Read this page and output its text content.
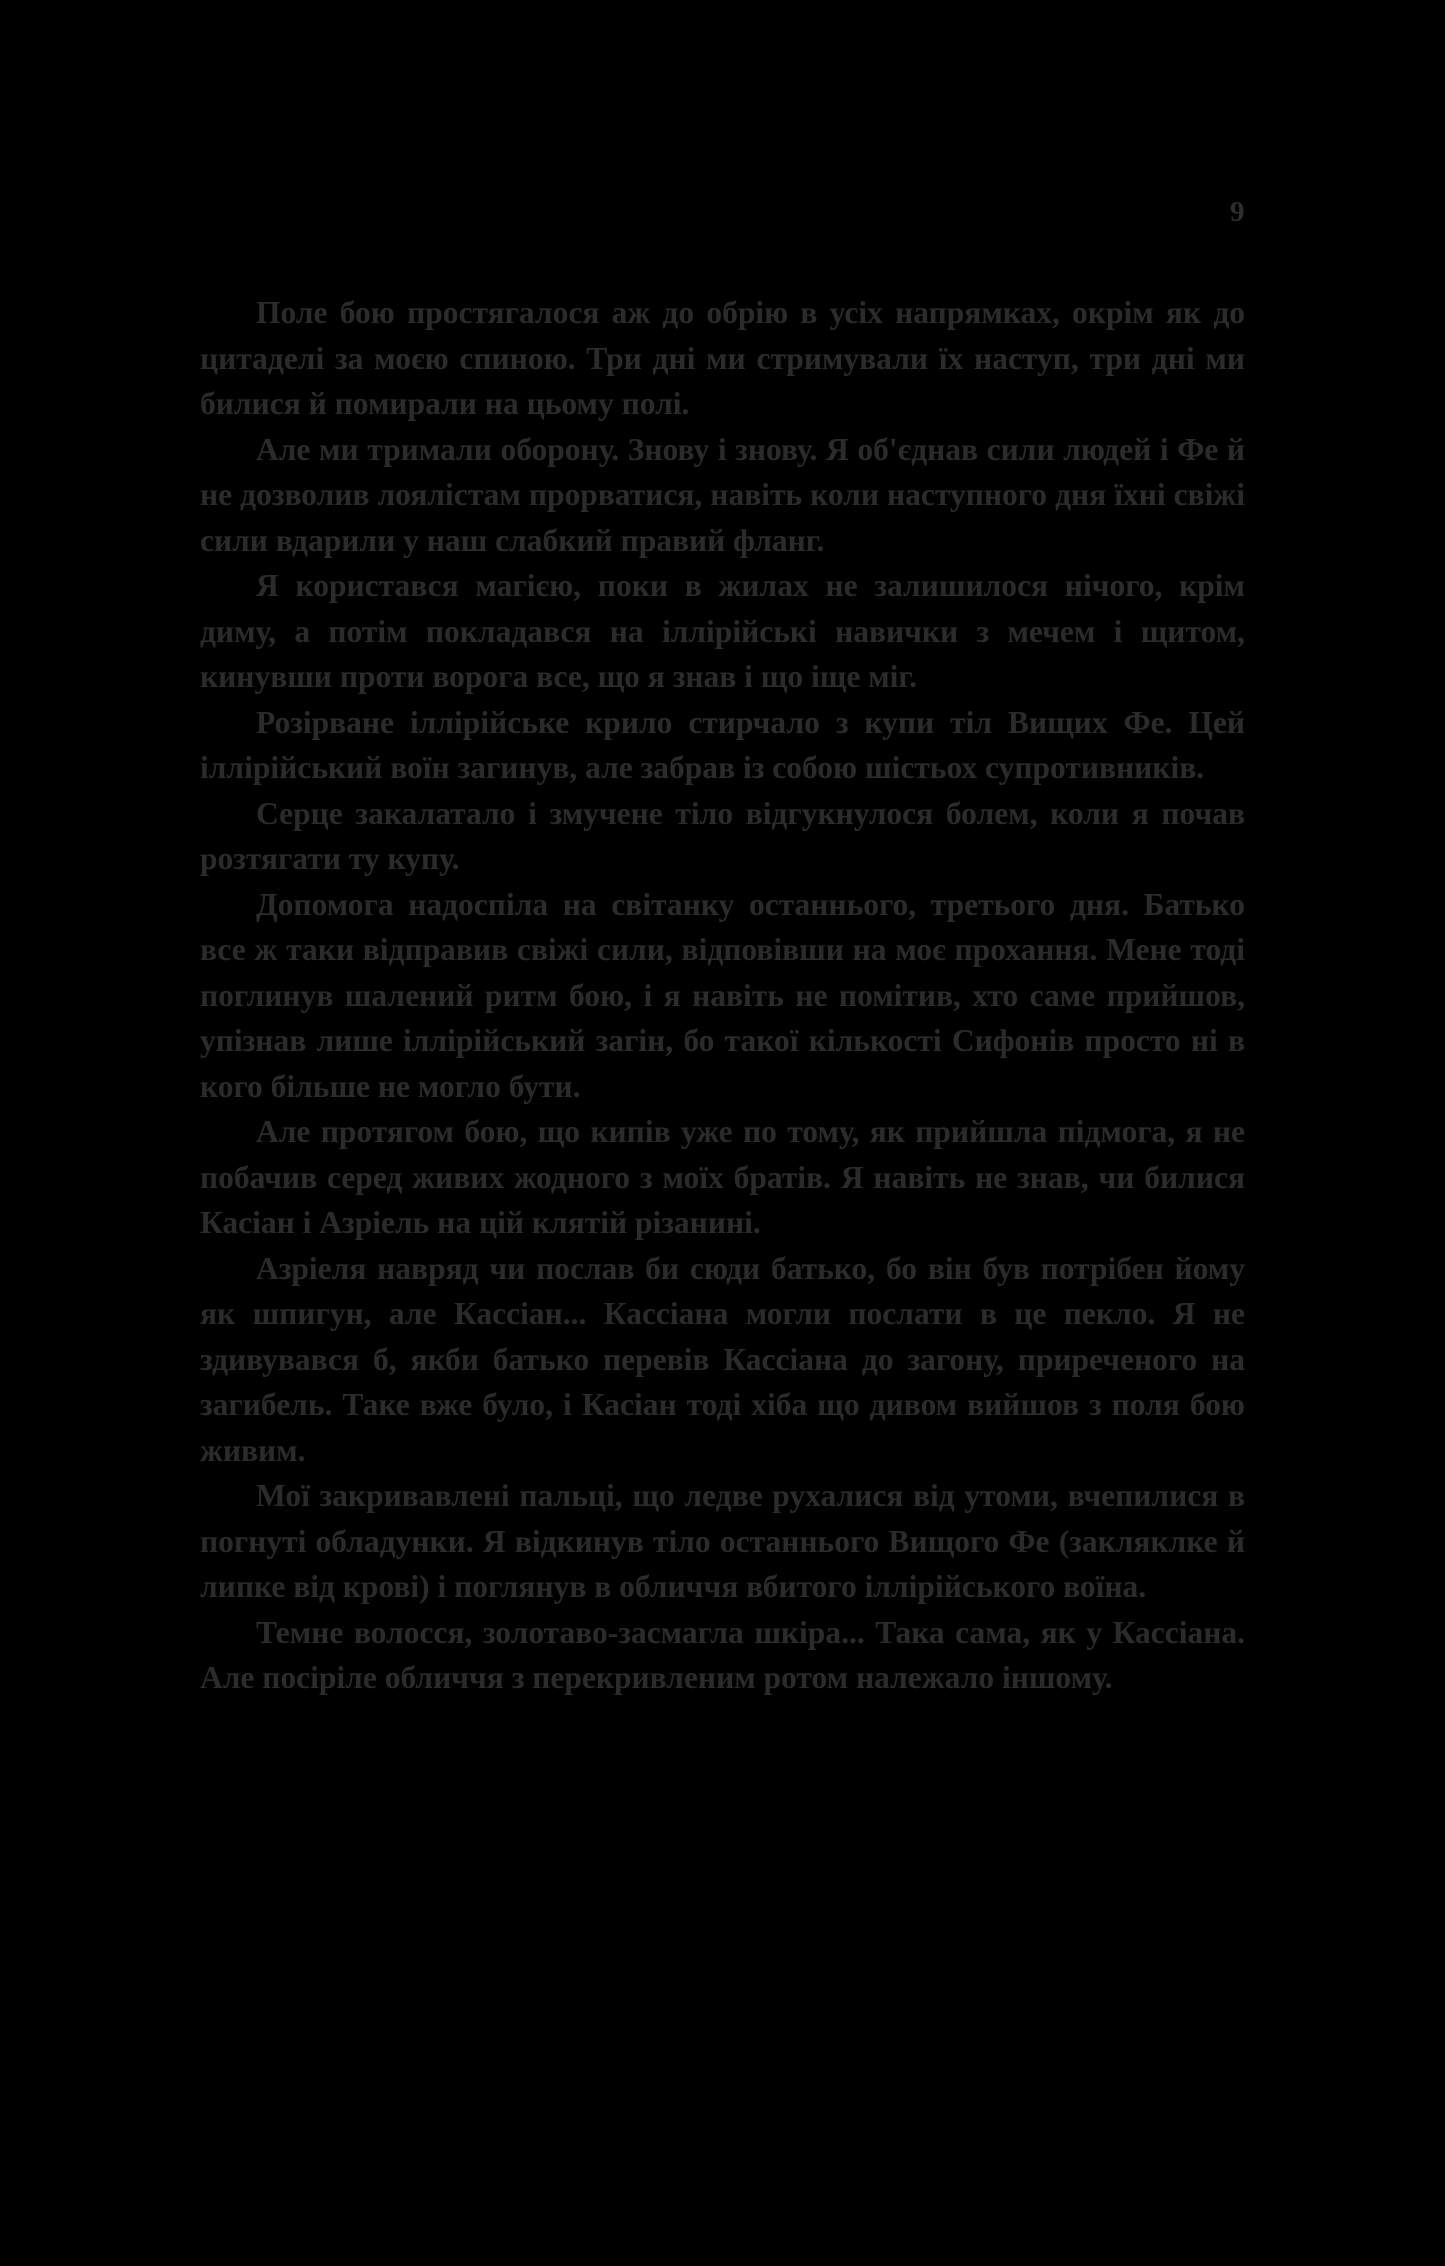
9

Поле бою простягалося аж до обрію в усіх напрямках, окрім як до цитаделі за моєю спиною. Три дні ми стримували їх наступ, три дні ми билися й помирали на цьому полі.

Але ми тримали оборону. Знову і знову. Я об'єднав сили людей і Фе й не дозволив лоялістам прорватися, навіть коли наступного дня їхні свіжі сили вдарили у наш слабкий правий фланг.

Я користався магією, поки в жилах не залишилося нічого, крім диму, а потім покладався на іллірійські навички з мечем і щитом, кинувши проти ворога все, що я знав і що іще міг.

Розірване іллірійське крило стирчало з купи тіл Вищих Фе. Цей іллірійський воїн загинув, але забрав із собою шістьох супротивників.

Серце закалатало і змучене тіло відгукнулося болем, коли я почав розтягати ту купу.

Допомога надоспіла на світанку останнього, третього дня. Батько все ж таки відправив свіжі сили, відповівши на моє прохання. Мене тоді поглинув шалений ритм бою, і я навіть не помітив, хто саме прийшов, упізнав лише іллірійський загін, бо такої кількості Сифонів просто ні в кого більше не могло бути.

Але протягом бою, що кипів уже по тому, як прийшла підмога, я не побачив серед живих жодного з моїх братів. Я навіть не знав, чи билися Касіан і Азріель на цій клятій різанині.

Азріеля навряд чи послав би сюди батько, бо він був потрібен йому як шпигун, але Кассіан... Кассіана могли послати в це пекло. Я не здивувався б, якби батько перевів Кассіана до загону, приреченого на загибель. Таке вже було, і Касіан тоді хіба що дивом вийшов з поля бою живим.

Мої закривавлені пальці, що ледве рухалися від утоми, вчепилися в погнуті обладунки. Я відкинув тіло останнього Вищого Фе (закляклке й липке від крові) і поглянув в обличчя вбитого іллірійського воїна.

Темне волосся, золотаво-засмагла шкіра... Така сама, як у Кассіана. Але посіріле обличчя з перекривленим ротом належало іншому.
